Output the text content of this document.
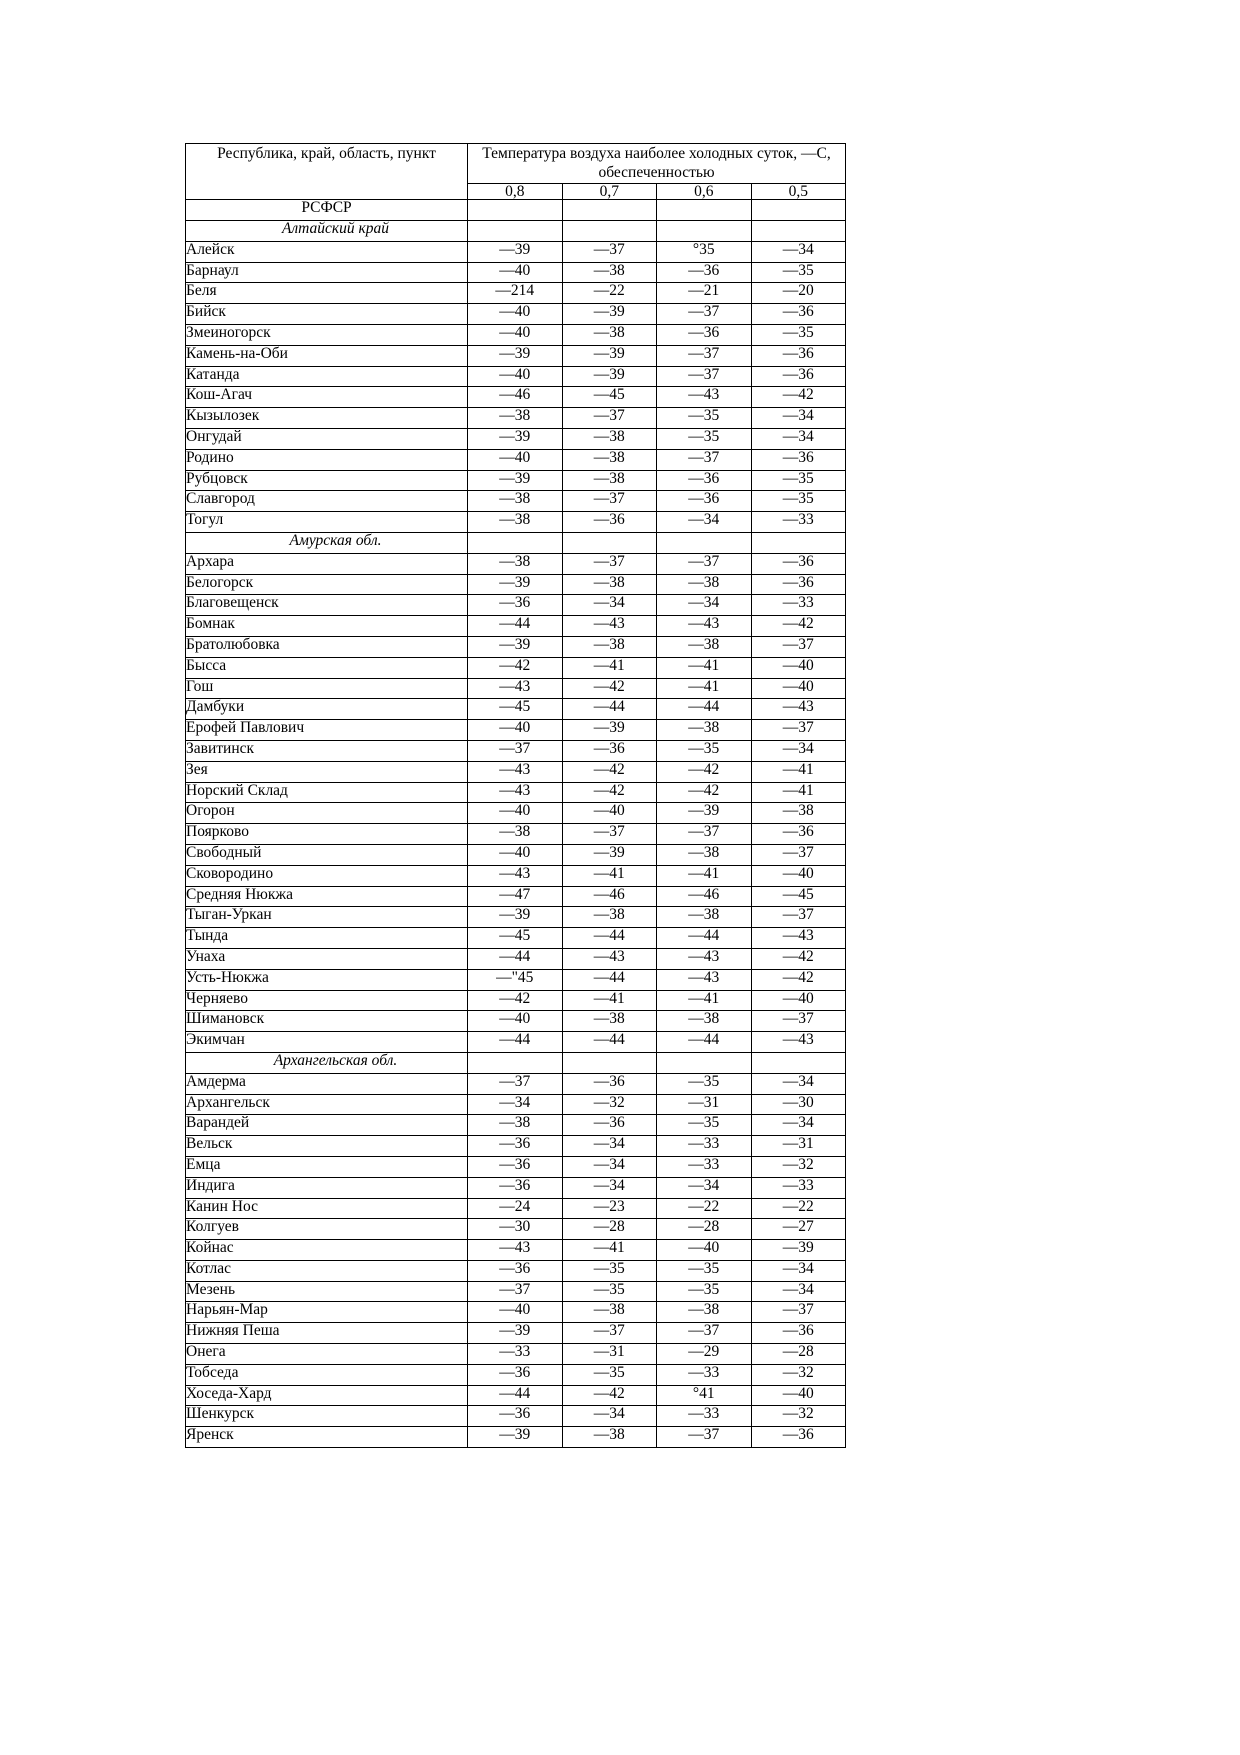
Республика, край, область, пункт	Температура воздуха наиболее холодных суток, —С, обеспеченностью			
	0,8	0,7	0,6	0,5
РСФСР				
Алтайский край				
Алейск	—39	—37	°35	—34
Барнаул	—40	—38	—36	—35
Беля	—214	—22	—21	—20
Бийск	—40	—39	—37	—36
Змеиногорск	—40	—38	—36	—35
Камень-на-Оби	—39	—39	—37	—36
Катанда	—40	—39	—37	—36
Кош-Агач	—46	—45	—43	—42
Кызылозек	—38	—37	—35	—34
Онгудай	—39	—38	—35	—34
Родино	—40	—38	—37	—36
Рубцовск	—39	—38	—36	—35
Славгород	—38	—37	—36	—35
Тогул	—38	—36	—34	—33
Амурская обл.				
Архара	—38	—37	—37	—36
Белогорск	—39	—38	—38	—36
Благовещенск	—36	—34	—34	—33
Бомнак	—44	—43	—43	—42
Братолюбовка	—39	—38	—38	—37
Бысса	—42	—41	—41	—40
Гош	—43	—42	—41	—40
Дамбуки	—45	—44	—44	—43
Ерофей Павлович	—40	—39	—38	—37
Завитинск	—37	—36	—35	—34
Зея	—43	—42	—42	—41
Норский Склад	—43	—42	—42	—41
Огорон	—40	—40	—39	—38
Поярково	—38	—37	—37	—36
Свободный	—40	—39	—38	—37
Сковородино	—43	—41	—41	—40
Средняя Нюкжа	—47	—46	—46	—45
Тыган-Уркан	—39	—38	—38	—37
Тында	—45	—44	—44	—43
Унаха	—44	—43	—43	—42
Усть-Нюкжа	—"45	—44	—43	—42
Черняево	—42	—41	—41	—40
Шимановск	—40	—38	—38	—37
Экимчан	—44	—44	—44	—43
Архангельская обл.				
Амдерма	—37	—36	—35	—34
Архангельск	—34	—32	—31	—30
Варандей	—38	—36	—35	—34
Вельск	—36	—34	—33	—31
Емца	—36	—34	—33	—32
Индига	—36	—34	—34	—33
Канин Нос	—24	—23	—22	—22
Колгуев	—30	—28	—28	—27
Койнас	—43	—41	—40	—39
Котлас	—36	—35	—35	—34
Мезень	—37	—35	—35	—34
Нарьян-Мар	—40	—38	—38	—37
Нижняя Пеша	—39	—37	—37	—36
Онега	—33	—31	—29	—28
Тобседа	—36	—35	—33	—32
Хоседа-Хард	—44	—42	°41	—40
Шенкурск	—36	—34	—33	—32
Яренск	—39	—38	—37	—36
